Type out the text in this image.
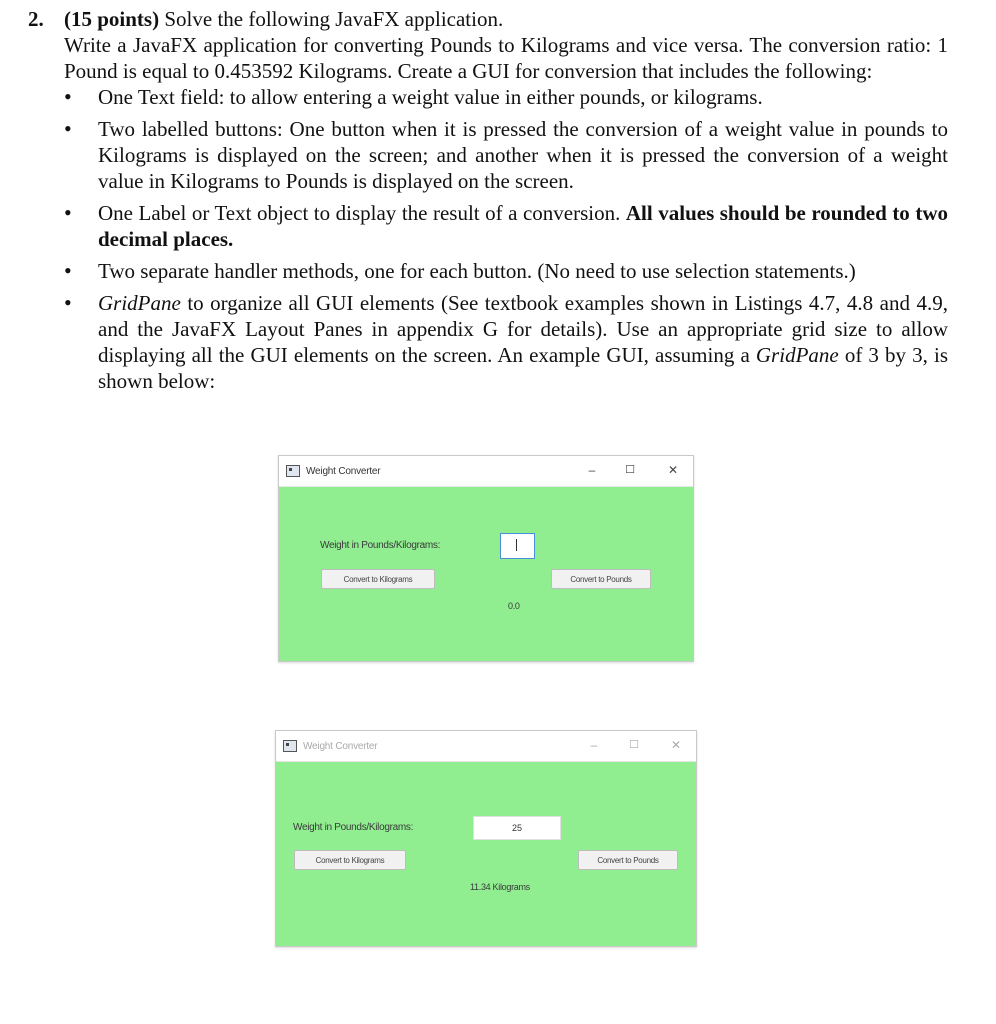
2. (15 points) Solve the following JavaFX application.
Write a JavaFX application for converting Pounds to Kilograms and vice versa. The conversion ratio: 1 Pound is equal to 0.453592 Kilograms. Create a GUI for conversion that includes the following:
• One Text field: to allow entering a weight value in either pounds, or kilograms.
• Two labelled buttons: One button when it is pressed the conversion of a weight value in pounds to Kilograms is displayed on the screen; and another when it is pressed the conversion of a weight value in Kilograms to Pounds is displayed on the screen.
• One Label or Text object to display the result of a conversion. All values should be rounded to two decimal places.
• Two separate handler methods, one for each button. (No need to use selection statements.)
• GridPane to organize all GUI elements (See textbook examples shown in Listings 4.7, 4.8 and 4.9, and the JavaFX Layout Panes in appendix G for details). Use an appropriate grid size to allow displaying all the GUI elements on the screen. An example GUI, assuming a GridPane of 3 by 3, is shown below:
Weight Converter	–	☐	✕
Weight in Pounds/Kilograms:
Convert to Kilograms	Convert to Pounds
0.0
Weight Converter	–	☐	✕
Weight in Pounds/Kilograms:	25
Convert to Kilograms	Convert to Pounds
11.34 Kilograms
